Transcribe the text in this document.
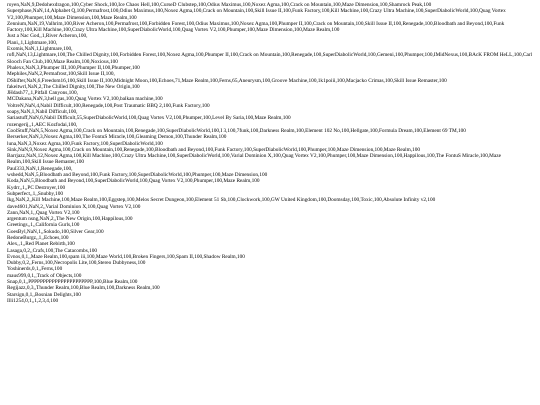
royen,NaN,9,Dedohexdragon,100,Cyber Shock,100,Ice Chaos Hell,100,CurseD Clubstep,100,Odius Maximus,100,Noxez Agma,100,Crack on Mountain,100,Maze Dimension,100,Shamrock Peak,100

Superphase,NaN,14,Alphabet Q,100,Permafrost,100,Odius Maximus,100,Noxez Agma,100,Crack on Mountain,100,Skill Issue II,100,Funk Factory,100,Kill Machine,100,Crazy Ultra Machine,100,SuperDiabolicWorld,100,Quag Vortex V2,100,Phumper,100,Maze Dimension,100,Maze Realm,100

Zennium,NaN,19,Valhrim,100,River Acheron,100,Permafrost,100,Forbidden Forest,100,Odius Maximus,100,Noxez Agma,100,Phumper II,100,Crack on Mountain,100,Skill Issue II,100,Renegade,100,Bloodbath and Beyond,100,Funk Factory,100,Kill Machine,100,Crazy Ultra Machine,100,SuperDiabolicWorld,100,Quag Vortex V2,100,Phumper,100,Maze Dimension,100,Maze Realm,100

Just a Nac God,,1,River Acheron,100,

Plani,,1,Lightmare,100,

Exomis,NaN,1,Lightmare,100,

rofl,NaN,13,Lightmare,100,The Chilled Dignity,100,Forbidden Forest,100,Noxez Agma,100,Phumper II,100,Crack on Mountain,100,Renegade,100,SuperDiabolicWorld,100,Gemeni,100,Phumper,100,IMidNexus,100,BAcK FROM HeLL,100,Carl Slooch Fan Club,100,Maze Realm,100,Noxious,100

Phalexx,NaN,3,Phumper III,100,Phumper II,100,Phumper,100

Mephiles,NaN,2,Permafrost,100,Skill Issue II,100,

DShifter,NaN,6,Freedom16,100,Skill Issue II,100,Midnight Moon,100,Echoes,71,Maze Realm,100,Ferns,65,Aneurysm,100,Groove Machine,100,1k1poiii,100,Macjacko Crimas,100,Skill Issue Remaster,100

fakeitwrl,NaN,2,The Chilled Dignity,100,The New Origin,100

JHdash77,,1,Pitfall Canyons,100,

MCDakana,NaN,3,hell gas,100,Quag Vortex V2,100,balkan machine,100

VoltreN,NaN,4,Nabil Difficult,100,Renegade,100,Post Traumatic BBQ 2,100,Funk Factory,100

soapy,NaN,1,Nabil Difficult,100,

Sariastuff,NaN,6,Nabil Difficult,55,SuperDiabolicWorld,100,Quag Vortex V2,100,Phumper,100,Level By Saria,100,Maze Realm,100

rozengerij,,1,AEC Kozfodai,100,

CoolStuff,NaN,5,Noxez Agma,100,Crack on Mountain,100,Renegade,100,SuperDiabolicWorld,100,I 3,100,7funk,100,Darkness Realm,100,Element 102 No,100,Hellgate,100,Formula Dream,100,Element 69 TM,100

Berserker,NaN,3,Noxez Agma,100,The FontuS Miracle,100,Gleaming Demon,100,Thunder Realm,100

luna,NaN,3,Noxez Agma,100,Funk Factory,100,SuperDiabolicWorld,100

Sink,NaN,9,Noxez Agma,100,Crack on Mountain,100,Renegade,100,Bloodbath and Beyond,100,Funk Factory,100,SuperDiabolicWorld,100,Phumper,100,Maze Dimension,100,Maze Realm,100

Barrjazz,NaN,12,Noxez Agma,100,Kill Machine,100,Crazy Ultra Machine,100,SuperDiabolicWorld,100,Varial Dominion X,100,Quag Vortex V2,100,Phumper,100,Maze Dimension,100,Happilous,100,The FontuS Miracle,100,Maze Realm,100,Skill Issue Remaster,100

Paul333,NaN,1,Renegade,100,

wshedd,NaN,5,Bloodbath and Beyond,100,Funk Factory,100,SuperDiabolicWorld,100,Phumper,100,Maze Dimension,100

Koda,NaN,5,Bloodbath and Beyond,100,SuperDiabolicWorld,100,Quag Vortex V2,100,Phumper,100,Maze Realm,100

Kydrr,,1,,PC Destroyer,100

Subperfect,,1,,Snubby,100

Ikg,NaN,2,,Kill Machine,100,Maze Realm,100,Eggstep,100,Melos Secret Dungeon,100,Element 51 Sb,100,Clockwork,100,GW United Kingdom,100,Doomsday,100,Toxic,100,Absolute Infinity v2,100

dave4601,NaN,2,,Varial Dominion X,100,Quag Vortex V2,100

Zann,NaN,1,,Quag Vortex V2,100

argentum nsng,NaN,2,,The New Origin,100,Happilous,100

Greetings,,1,,California Gurls,100

GoesByl,NaN,1,,Sokudo,100,Silver Gear,100

RedoneBurgz,,1,,Echoes,100

Alex,,1,,Red Planet Rebirth,100

Lasaga,0,2,,Crafs,100,The Catacombs,100

Evnos,0,1,,Maze Realm,100,spam iii,100,Maze World,100,Broken Fingers,100,Spam II,100,Shadow Realm,100

Dubby,0,2,,Ferns,100,Necropolis Lite,100,Stereo Dubbyness,100

Yoshinerds,0,1,,Ferns,100

maus999,0,1,,Track of Objects,100

Snap,0,1,,PPPPPPPPPPPPPPPPPPPPPP,100,Blue Realm,100

Regijazz,0,3,,Thunder Realm,100,Blue Realm,100,Darkness Realm,100

Starsign,0,1,,Bosnian Delights,100

Illi1254,0,1,,1,2,3,4,100
